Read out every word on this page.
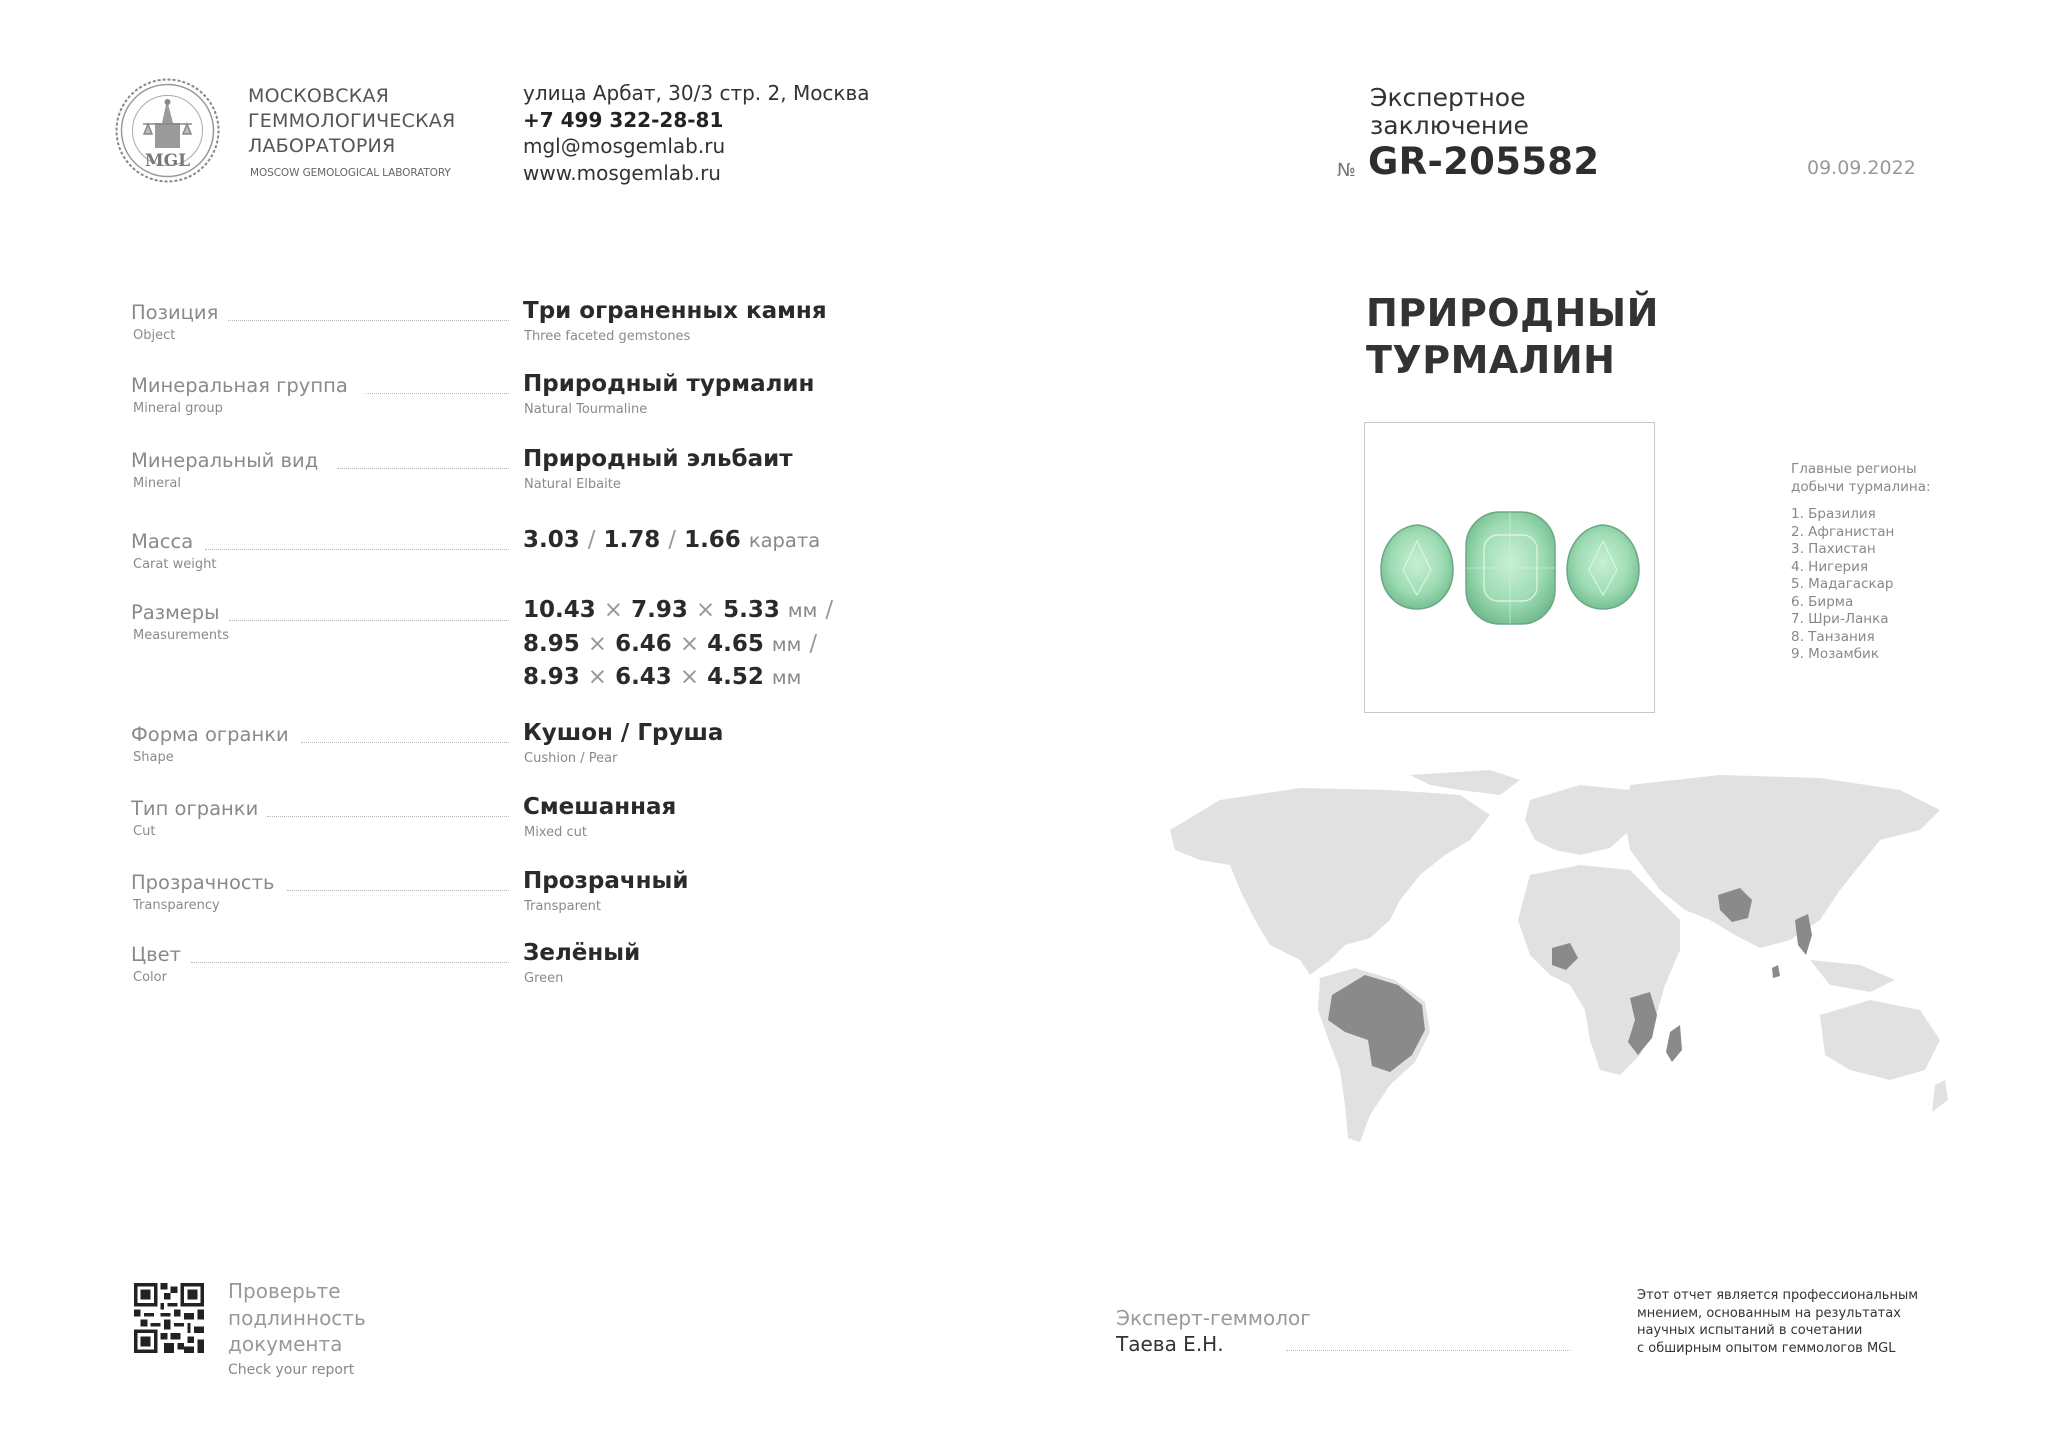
MGL
МОСКОВСКАЯ
ГЕММОЛОГИЧЕСКАЯ
ЛАБОРАТОРИЯ
MOSCOW GEMOLOGICAL LABORATORY
улица Арбат, 30/3 стр. 2, Москва
+7 499 322-28-81
mgl@mosgemlab.ru
www.mosgemlab.ru
Экспертное
заключение
№ GR-205582	09.09.2022
Позиция
Object
Три ограненных камня
Three faceted gemstones
Минеральная группа
Mineral group
Природный турмалин
Natural Tourmaline
Минеральный вид
Mineral
Природный эльбаит
Natural Elbaite
Масса
Carat weight
3.03 / 1.78 / 1.66 карата
Размеры
Measurements
10.43 × 7.93 × 5.33 мм /
8.95 × 6.46 × 4.65 мм /
8.93 × 6.43 × 4.52 мм
Форма огранки
Shape
Кушон / Груша
Cushion / Pear
Тип огранки
Cut
Смешанная
Mixed cut
Прозрачность
Transparency
Прозрачный
Transparent
Цвет
Color
Зелёный
Green
ПРИРОДНЫЙ
ТУРМАЛИН
Главные регионы
добычи турмалина:
1. Бразилия
2. Афганистан
3. Пахистан
4. Нигерия
5. Мадагаскар
6. Бирма
7. Шри-Ланка
8. Танзания
9. Мозамбик
Проверьте
подлинность
документа
Check your report
Эксперт-геммолог
Таева Е.Н.
Этот отчет является профессиональным
мнением, основанным на результатах
научных испытаний в сочетании
с обширным опытом геммологов MGL
